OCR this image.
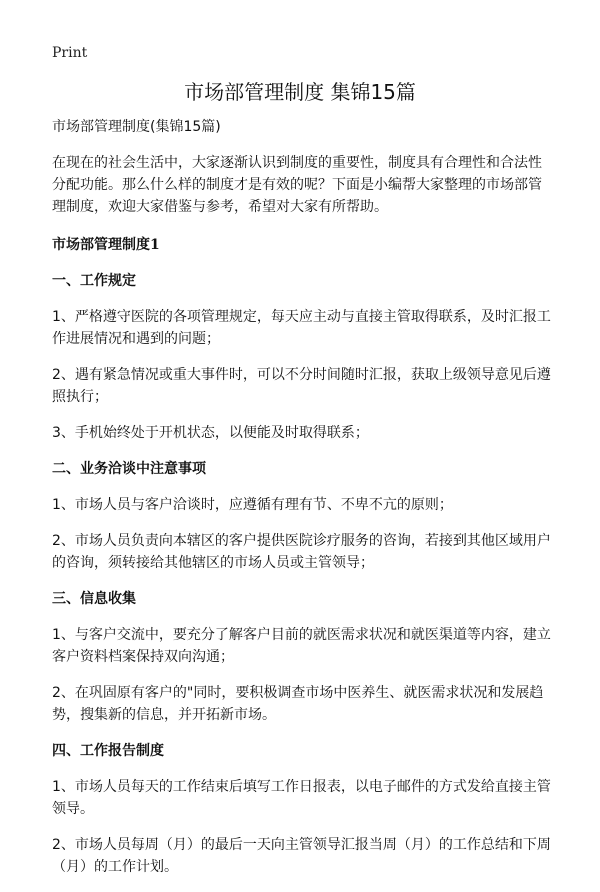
Print
市场部管理制度 集锦15篇

市场部管理制度(集锦15篇)

在现在的社会生活中，大家逐渐认识到制度的重要性，制度具有合理性和合法性分配功能。那么什么样的制度才是有效的呢？下面是小编帮大家整理的市场部管理制度，欢迎大家借鉴与参考，希望对大家有所帮助。

市场部管理制度1
一、工作规定

1、严格遵守医院的各项管理规定，每天应主动与直接主管取得联系，及时汇报工作进展情况和遇到的问题；

2、遇有紧急情况或重大事件时，可以不分时间随时汇报，获取上级领导意见后遵照执行；

3、手机始终处于开机状态，以便能及时取得联系；

二、业务洽谈中注意事项

1、市场人员与客户洽谈时，应遵循有理有节、不卑不亢的原则；

2、市场人员负责向本辖区的客户提供医院诊疗服务的咨询，若接到其他区域用户的咨询，须转接给其他辖区的市场人员或主管领导；

三、信息收集

1、与客户交流中，要充分了解客户目前的就医需求状况和就医渠道等内容，建立客户资料档案保持双向沟通；

2、在巩固原有客户的"同时，要积极调查市场中医养生、就医需求状况和发展趋势，搜集新的信息，并开拓新市场。

四、工作报告制度

1、市场人员每天的工作结束后填写工作日报表，以电子邮件的方式发给直接主管领导。

2、市场人员每周（月）的最后一天向主管领导汇报当周（月）的工作总结和下周（月）的工作计划。
